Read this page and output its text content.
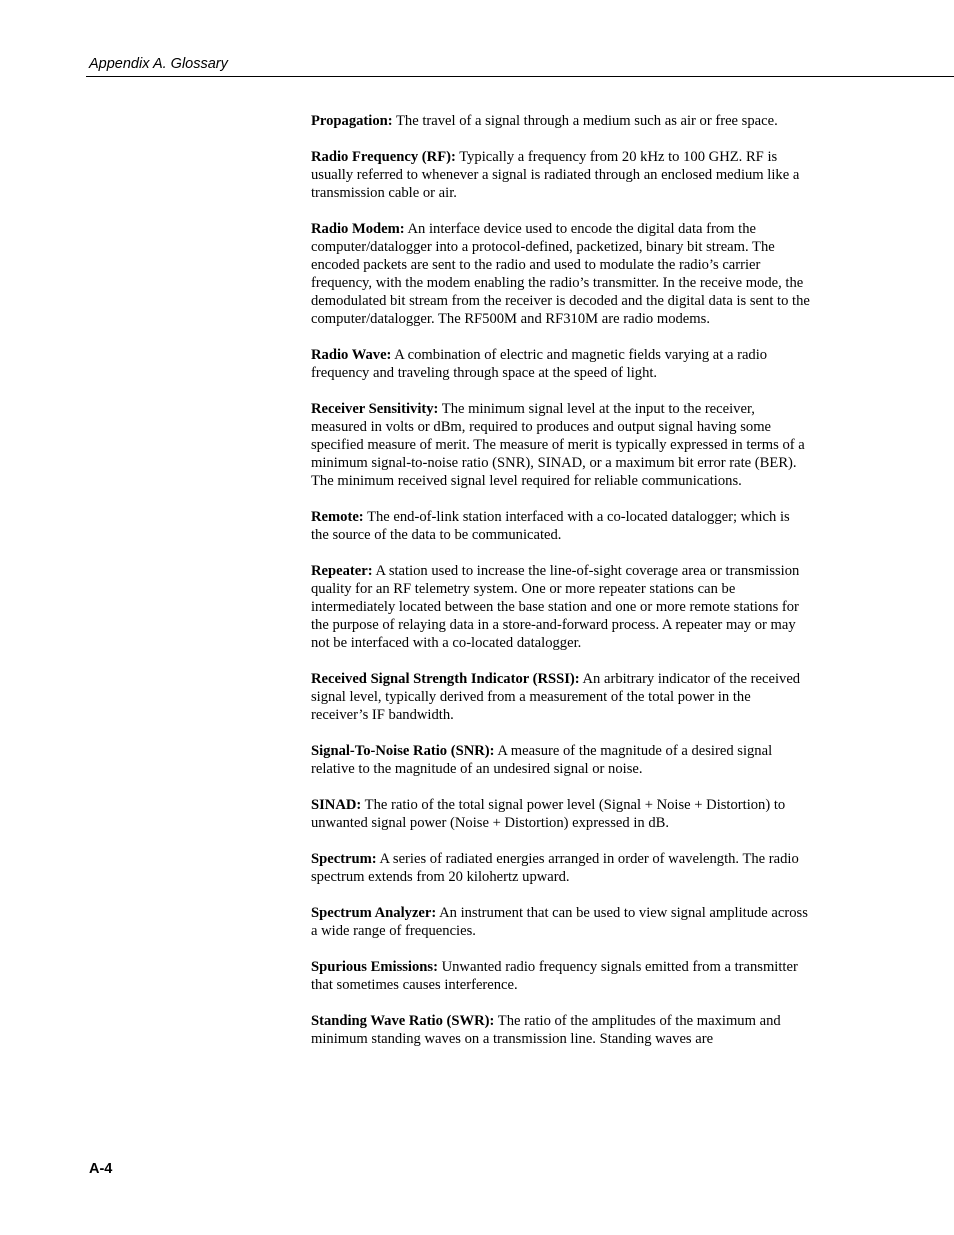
Appendix A. Glossary

Propagation: The travel of a signal through a medium such as air or free space.

Radio Frequency (RF): Typically a frequency from 20 kHz to 100 GHZ. RF is usually referred to whenever a signal is radiated through an enclosed medium like a transmission cable or air.

Radio Modem: An interface device used to encode the digital data from the computer/datalogger into a protocol-defined, packetized, binary bit stream. The encoded packets are sent to the radio and used to modulate the radio’s carrier frequency, with the modem enabling the radio’s transmitter. In the receive mode, the demodulated bit stream from the receiver is decoded and the digital data is sent to the computer/datalogger. The RF500M and RF310M are radio modems.

Radio Wave: A combination of electric and magnetic fields varying at a radio frequency and traveling through space at the speed of light.

Receiver Sensitivity: The minimum signal level at the input to the receiver, measured in volts or dBm, required to produces and output signal having some specified measure of merit. The measure of merit is typically expressed in terms of a minimum signal-to-noise ratio (SNR), SINAD, or a maximum bit error rate (BER). The minimum received signal level required for reliable communications.

Remote: The end-of-link station interfaced with a co-located datalogger; which is the source of the data to be communicated.

Repeater: A station used to increase the line-of-sight coverage area or transmission quality for an RF telemetry system. One or more repeater stations can be intermediately located between the base station and one or more remote stations for the purpose of relaying data in a store-and-forward process. A repeater may or may not be interfaced with a co-located datalogger.

Received Signal Strength Indicator (RSSI): An arbitrary indicator of the received signal level, typically derived from a measurement of the total power in the receiver’s IF bandwidth.

Signal-To-Noise Ratio (SNR): A measure of the magnitude of a desired signal relative to the magnitude of an undesired signal or noise.

SINAD: The ratio of the total signal power level (Signal + Noise + Distortion) to unwanted signal power (Noise + Distortion) expressed in dB.

Spectrum: A series of radiated energies arranged in order of wavelength. The radio spectrum extends from 20 kilohertz upward.

Spectrum Analyzer: An instrument that can be used to view signal amplitude across a wide range of frequencies.

Spurious Emissions: Unwanted radio frequency signals emitted from a transmitter that sometimes causes interference.

Standing Wave Ratio (SWR): The ratio of the amplitudes of the maximum and minimum standing waves on a transmission line. Standing waves are

A-4
